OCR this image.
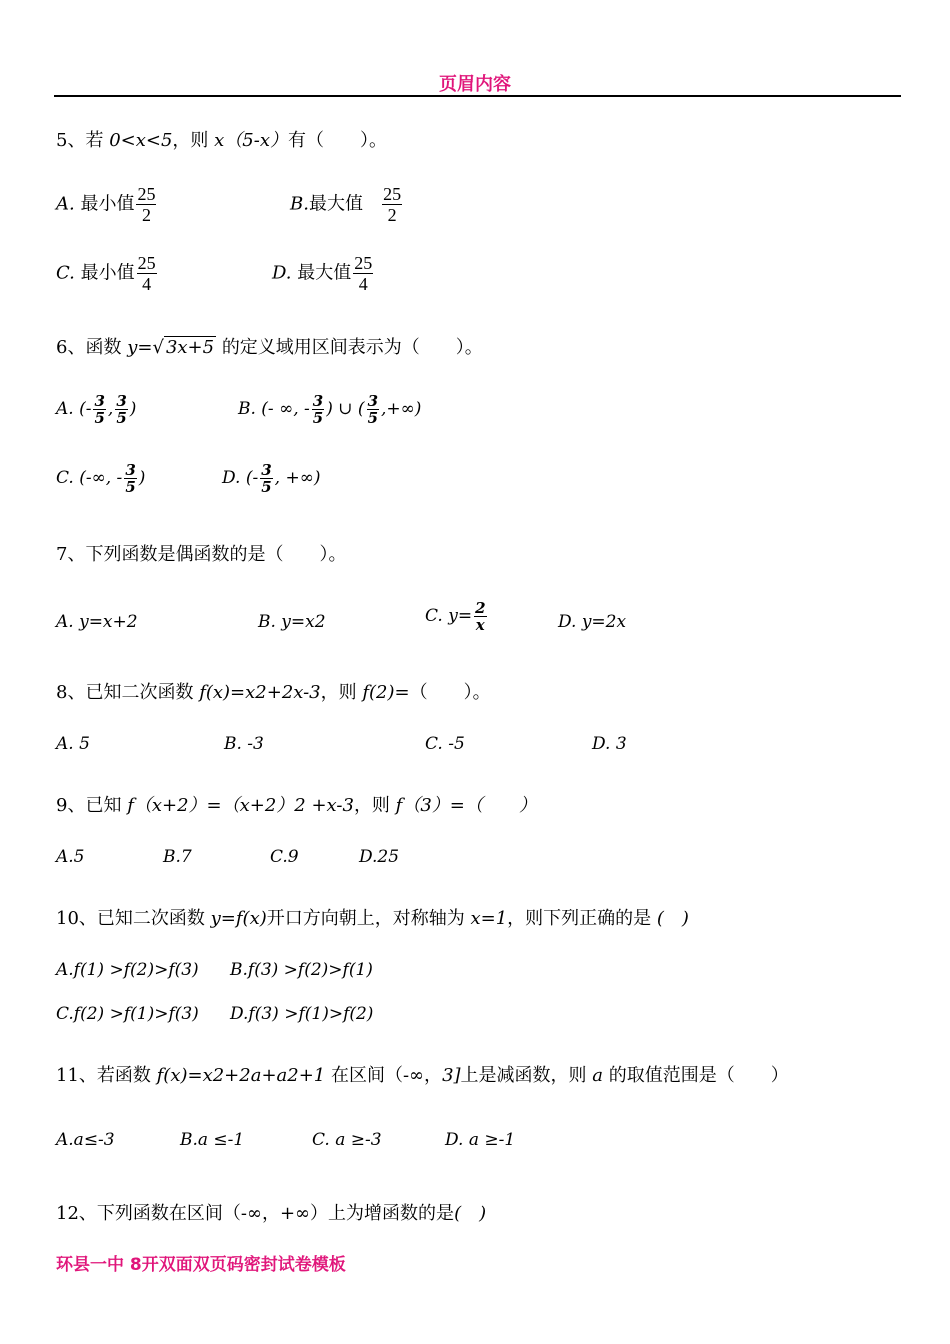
页眉内容
5、若 0<x<5，则 x（5-x）有（　　）。
A. 最小值 $\frac{25}{2}$	B.最大值 $\frac{25}{2}$
C. 最小值 $\frac{25}{4}$	D. 最大值 $\frac{25}{4}$
6、函数 y=√ 3x+5 的定义域用区间表示为（　　）。
A. (- $\frac{3}{5}$ , $\frac{3}{5}$ )	B. (- ∞, - $\frac{3}{5}$ ) ∪ ( $\frac{3}{5}$ ,+∞)
C. (-∞, - $\frac{3}{5}$ )	D. (- $\frac{3}{5}$ , +∞)
7、下列函数是偶函数的是（　　）。
A. y=x+2	B. y=x2	C. $y= \frac{2}{x}$	D. y=2x
8、已知二次函数 f(x)=x2+2x-3，则 f(2)=（　　）。
A. 5	B. -3	C. -5	D. 3
9、已知 f（x+2）=（x+2）2 +x-3，则 f（3）=（　　）
A.5	B.7	C.9	D.25
10、已知二次函数 y=f(x)开口方向朝上，对称轴为 x=1，则下列正确的是 (　)
A.f(1) >f(2)>f(3) B.f(3) >f(2)>f(1)
C.f(2) >f(1)>f(3) D.f(3) >f(1)>f(2)
11、若函数 f(x)=x2+2a+a2+1 在区间（-∞，3]上是减函数，则 a 的取值范围是（　　）
A.a≤-3	B.a ≤-1	C. a ≥-3	D. a ≥-1
12、下列函数在区间（-∞，+∞）上为增函数的是(　)
环县一中 8开双面双页码密封试卷模板
